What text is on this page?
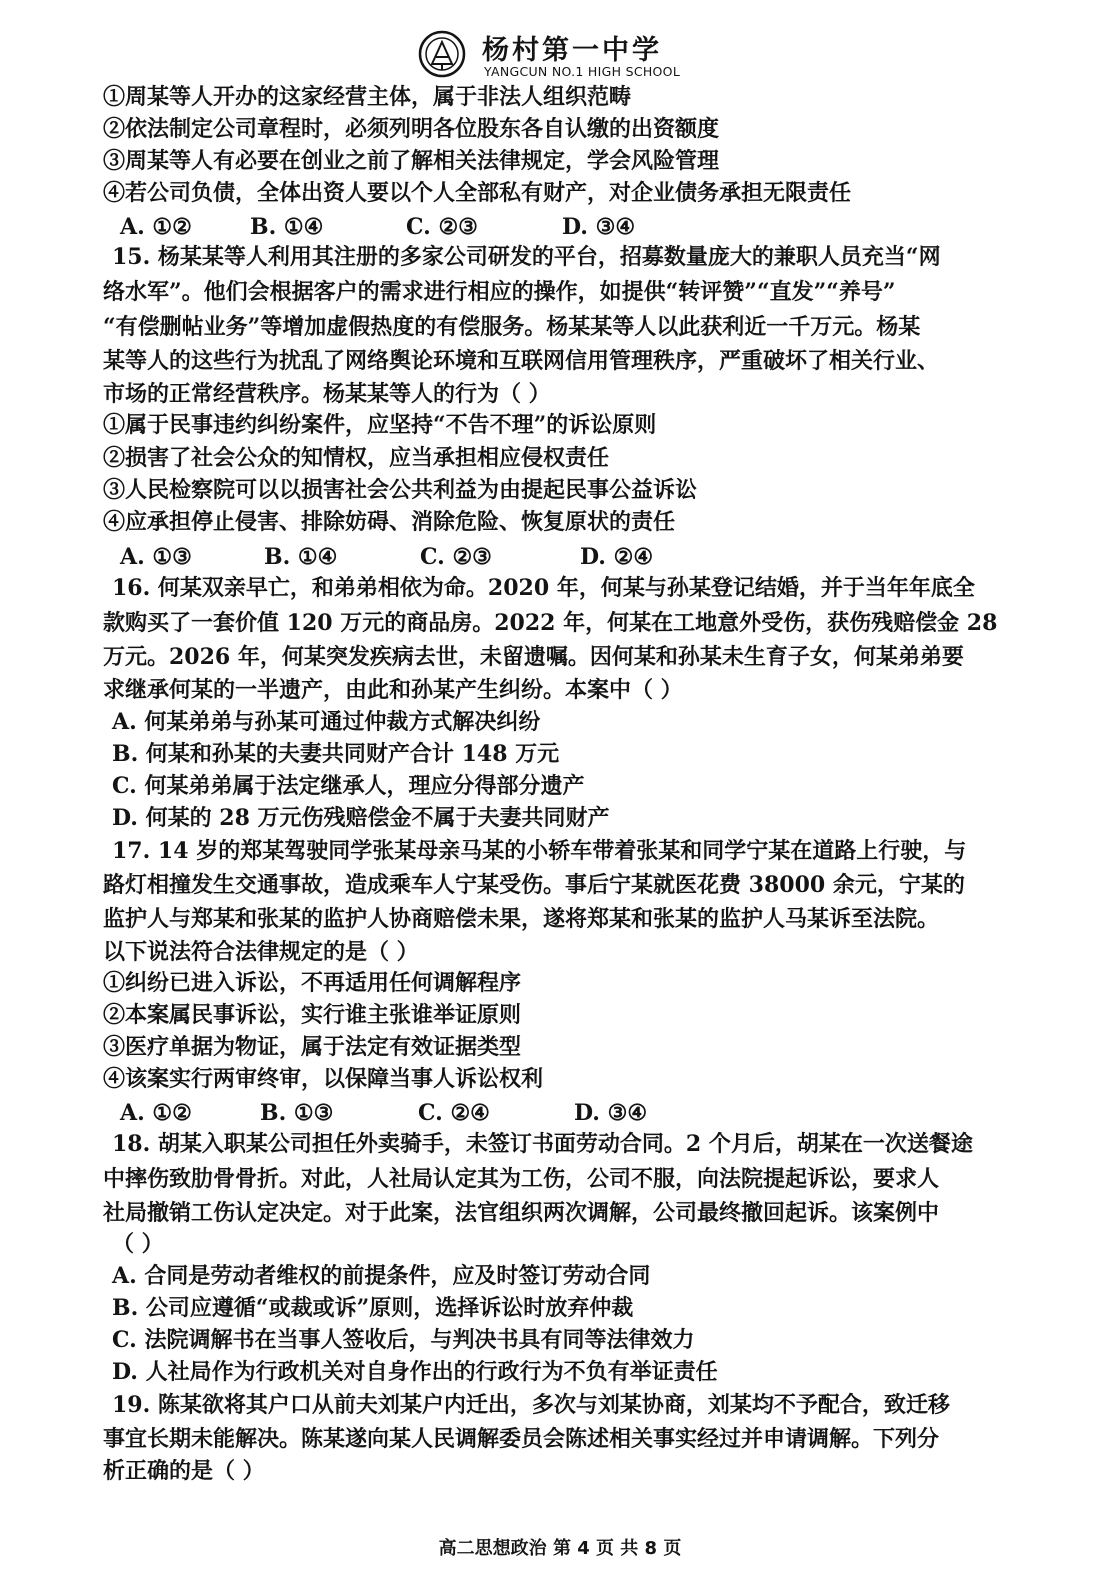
杨村第一中学
YANGCUN NO.1 HIGH SCHOOL
①周某等人开办的这家经营主体，属于非法人组织范畴
②依法制定公司章程时，必须列明各位股东各自认缴的出资额度
③周某等人有必要在创业之前了解相关法律规定，学会风险管理
④若公司负债，全体出资人要以个人全部私有财产，对企业债务承担无限责任
A. ①②	B. ①④	C. ②③	D. ③④
15. 杨某某等人利用其注册的多家公司研发的平台，招募数量庞大的兼职人员充当“网
络水军”。他们会根据客户的需求进行相应的操作，如提供“转评赞”“直发”“养号”
“有偿删帖业务”等增加虚假热度的有偿服务。杨某某等人以此获利近一千万元。杨某
某等人的这些行为扰乱了网络舆论环境和互联网信用管理秩序，严重破坏了相关行业、
市场的正常经营秩序。杨某某等人的行为（ ）
①属于民事违约纠纷案件，应坚持“不告不理”的诉讼原则
②损害了社会公众的知情权，应当承担相应侵权责任
③人民检察院可以以损害社会公共利益为由提起民事公益诉讼
④应承担停止侵害、排除妨碍、消除危险、恢复原状的责任
A. ①③	B. ①④	C. ②③	D. ②④
16. 何某双亲早亡，和弟弟相依为命。2020 年，何某与孙某登记结婚，并于当年年底全
款购买了一套价值 120 万元的商品房。2022 年，何某在工地意外受伤，获伤残赔偿金 28
万元。2026 年，何某突发疾病去世，未留遗嘱。因何某和孙某未生育子女，何某弟弟要
求继承何某的一半遗产，由此和孙某产生纠纷。本案中（ ）
A. 何某弟弟与孙某可通过仲裁方式解决纠纷
B. 何某和孙某的夫妻共同财产合计 148 万元
C. 何某弟弟属于法定继承人，理应分得部分遗产
D. 何某的 28 万元伤残赔偿金不属于夫妻共同财产
17. 14 岁的郑某驾驶同学张某母亲马某的小轿车带着张某和同学宁某在道路上行驶，与
路灯相撞发生交通事故，造成乘车人宁某受伤。事后宁某就医花费 38000 余元，宁某的
监护人与郑某和张某的监护人协商赔偿未果，遂将郑某和张某的监护人马某诉至法院。
以下说法符合法律规定的是（ ）
①纠纷已进入诉讼，不再适用任何调解程序
②本案属民事诉讼，实行谁主张谁举证原则
③医疗单据为物证，属于法定有效证据类型
④该案实行两审终审，以保障当事人诉讼权利
A. ①②	B. ①③	C. ②④	D. ③④
18. 胡某入职某公司担任外卖骑手，未签订书面劳动合同。2 个月后，胡某在一次送餐途
中摔伤致肋骨骨折。对此，人社局认定其为工伤，公司不服，向法院提起诉讼，要求人
社局撤销工伤认定决定。对于此案，法官组织两次调解，公司最终撤回起诉。该案例中
（ ）
A. 合同是劳动者维权的前提条件，应及时签订劳动合同
B. 公司应遵循“或裁或诉”原则，选择诉讼时放弃仲裁
C. 法院调解书在当事人签收后，与判决书具有同等法律效力
D. 人社局作为行政机关对自身作出的行政行为不负有举证责任
19. 陈某欲将其户口从前夫刘某户内迁出，多次与刘某协商，刘某均不予配合，致迁移
事宜长期未能解决。陈某遂向某人民调解委员会陈述相关事实经过并申请调解。下列分
析正确的是（ ）
高二思想政治 第 4 页 共 8 页
